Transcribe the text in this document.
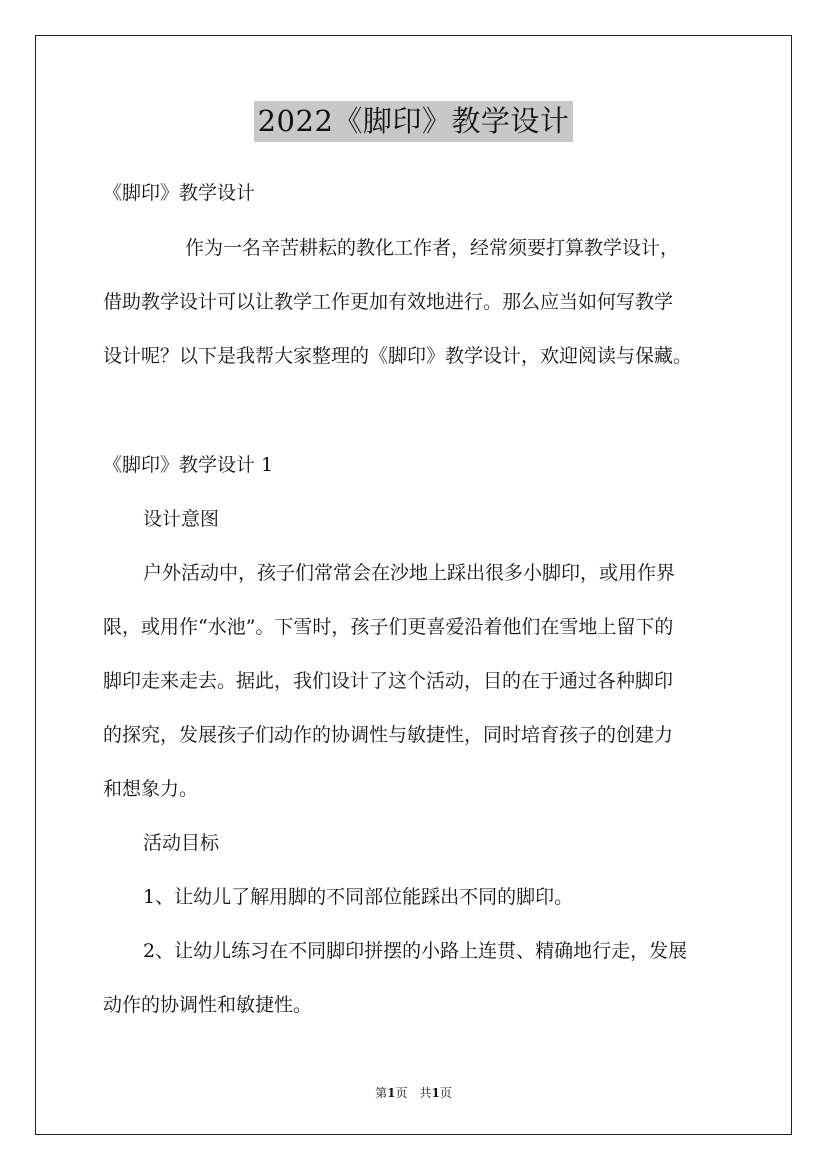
2022《脚印》教学设计
《脚印》教学设计
作为一名辛苦耕耘的教化工作者，经常须要打算教学设计，
借助教学设计可以让教学工作更加有效地进行。那么应当如何写教学
设计呢？以下是我帮大家整理的《脚印》教学设计，欢迎阅读与保藏。
《脚印》教学设计 1
设计意图
户外活动中，孩子们常常会在沙地上踩出很多小脚印，或用作界
限，或用作“水池”。下雪时，孩子们更喜爱沿着他们在雪地上留下的
脚印走来走去。据此，我们设计了这个活动，目的在于通过各种脚印
的探究，发展孩子们动作的协调性与敏捷性，同时培育孩子的创建力
和想象力。
活动目标
1、让幼儿了解用脚的不同部位能踩出不同的脚印。
2、让幼儿练习在不同脚印拼摆的小路上连贯、精确地行走，发展
动作的协调性和敏捷性。
第1页　共1页
